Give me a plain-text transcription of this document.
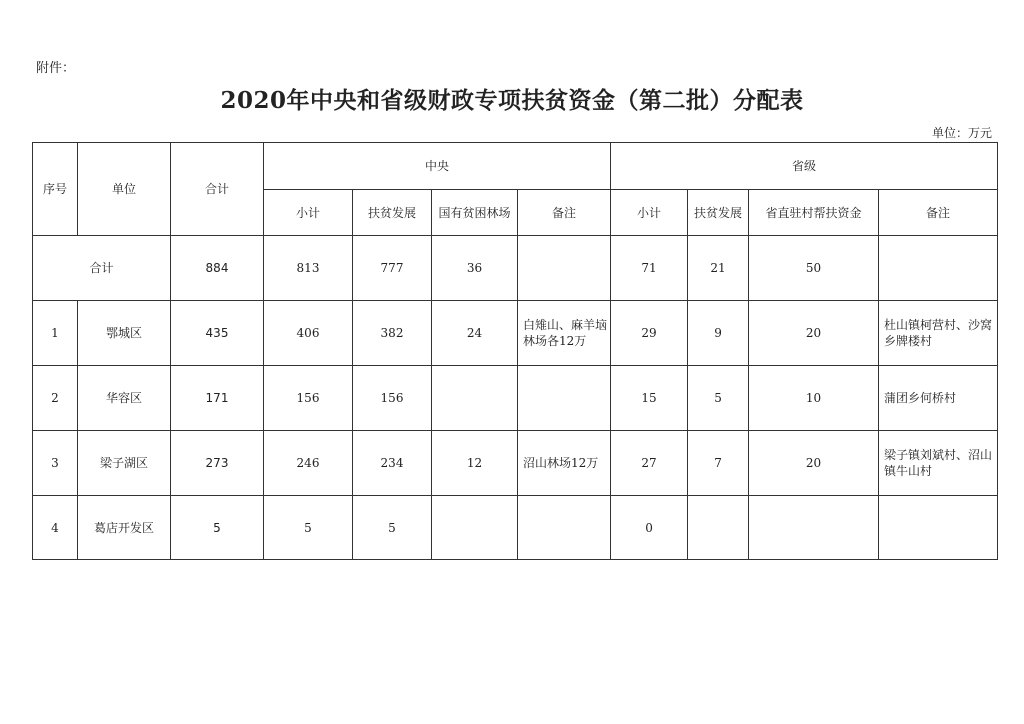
附件：
2020年中央和省级财政专项扶贫资金（第二批）分配表
单位：万元
序号	单位	合计	中央				省级			
			小计	扶贫发展	国有贫困林场	备注	小计	扶贫发展	省直驻村帮扶资金	备注
合计		884	813	777	36		71	21	50	
1	鄂城区	435	406	382	24	白雉山、麻羊垴林场各12万	29	9	20	杜山镇柯营村、沙窝乡牌楼村
2	华容区	171	156	156			15	5	10	蒲团乡何桥村
3	梁子湖区	273	246	234	12	沼山林场12万	27	7	20	梁子镇刘斌村、沼山镇牛山村
4	葛店开发区	5	5	5			0			
